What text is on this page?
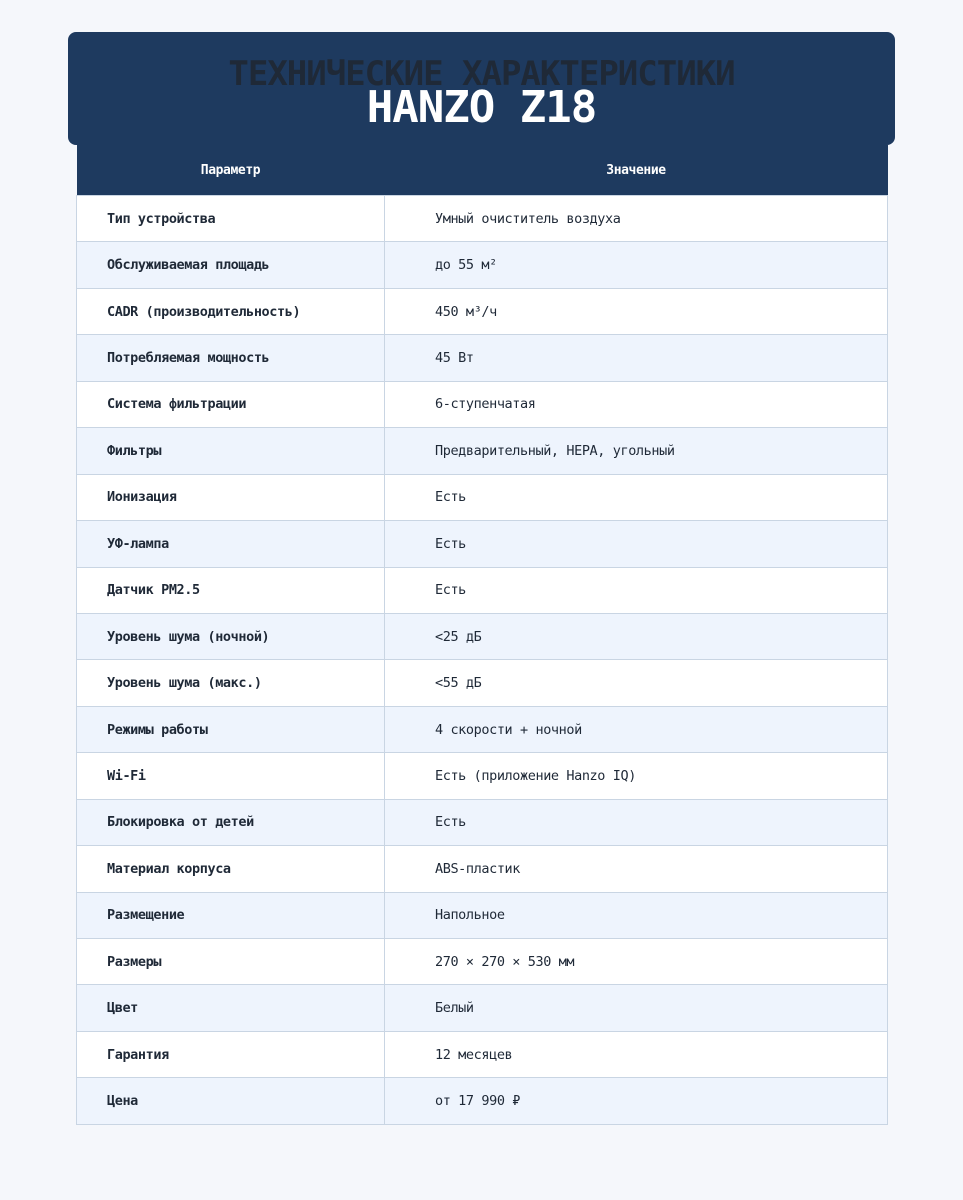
ТЕХНИЧЕСКИЕ ХАРАКТЕРИСТИКИ
HANZO Z18
Параметр	Значение
Тип устройства	Умный очиститель воздуха
Обслуживаемая площадь	до 55 м²
CADR (производительность)	450 м³/ч
Потребляемая мощность	45 Вт
Система фильтрации	6-ступенчатая
Фильтры	Предварительный, HEPA, угольный
Ионизация	Есть
УФ-лампа	Есть
Датчик PM2.5	Есть
Уровень шума (ночной)	<25 дБ
Уровень шума (макс.)	<55 дБ
Режимы работы	4 скорости + ночной
Wi-Fi	Есть (приложение Hanzo IQ)
Блокировка от детей	Есть
Материал корпуса	ABS-пластик
Размещение	Напольное
Размеры	270 × 270 × 530 мм
Цвет	Белый
Гарантия	12 месяцев
Цена	от 17 990 ₽
